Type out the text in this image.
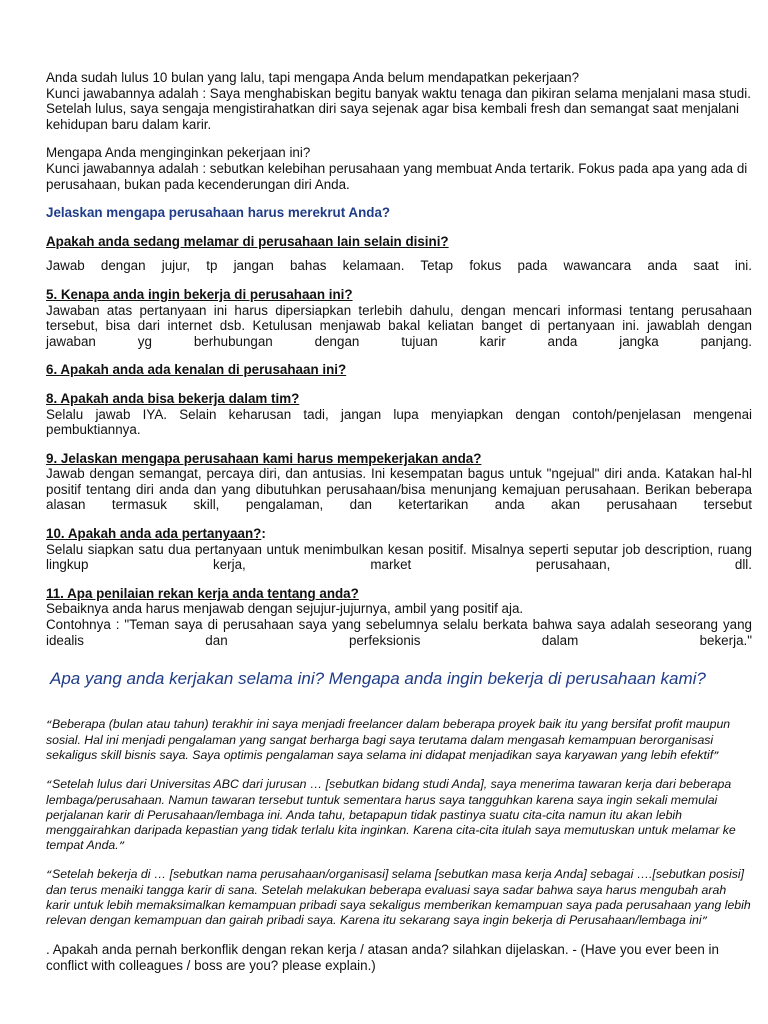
Anda sudah lulus 10 bulan yang lalu, tapi mengapa Anda belum mendapatkan pekerjaan?

Kunci jawabannya adalah : Saya menghabiskan begitu banyak waktu tenaga dan pikiran selama menjalani masa studi. Setelah lulus, saya sengaja mengistirahatkan diri saya sejenak agar bisa kembali fresh dan semangat saat menjalani kehidupan baru dalam karir.

Mengapa Anda menginginkan pekerjaan ini?

Kunci jawabannya adalah : sebutkan kelebihan perusahaan yang membuat Anda tertarik. Fokus pada apa yang ada di perusahaan, bukan pada kecenderungan diri Anda.

Jelaskan mengapa perusahaan harus merekrut Anda?

Apakah anda sedang melamar di perusahaan lain selain disini?

Jawab dengan jujur, tp jangan bahas kelamaan. Tetap fokus pada wawancara anda saat ini.

5. Kenapa anda ingin bekerja di perusahaan ini?

Jawaban atas pertanyaan ini harus dipersiapkan terlebih dahulu, dengan mencari informasi tentang perusahaan tersebut, bisa dari internet dsb. Ketulusan menjawab bakal keliatan banget di pertanyaan ini. jawablah dengan jawaban yg berhubungan dengan tujuan karir anda jangka panjang.

6. Apakah anda ada kenalan di perusahaan ini?

8. Apakah anda bisa bekerja dalam tim?

Selalu jawab IYA. Selain keharusan tadi, jangan lupa menyiapkan dengan contoh/penjelasan mengenai pembuktiannya.

9. Jelaskan mengapa perusahaan kami harus mempekerjakan anda?

Jawab dengan semangat, percaya diri, dan antusias. Ini kesempatan bagus untuk "ngejual" diri anda. Katakan hal-hl positif tentang diri anda dan yang dibutuhkan perusahaan/bisa menunjang kemajuan perusahaan. Berikan beberapa alasan termasuk skill, pengalaman, dan ketertarikan anda akan perusahaan tersebut

10. Apakah anda ada pertanyaan?:

Selalu siapkan satu dua pertanyaan untuk menimbulkan kesan positif. Misalnya seperti seputar job description, ruang lingkup kerja, market perusahaan, dll.

11. Apa penilaian rekan kerja anda tentang anda?

Sebaiknya anda harus menjawab dengan sejujur-jujurnya, ambil yang positif aja.

Contohnya : "Teman saya di perusahaan saya yang sebelumnya selalu berkata bahwa saya adalah seseorang yang idealis dan perfeksionis dalam bekerja."

Apa yang anda kerjakan selama ini? Mengapa anda ingin bekerja di perusahaan kami?

“Beberapa (bulan atau tahun) terakhir ini saya menjadi freelancer dalam beberapa proyek baik itu yang bersifat profit maupun sosial. Hal ini menjadi pengalaman yang sangat berharga bagi saya terutama dalam mengasah kemampuan berorganisasi sekaligus skill bisnis saya. Saya optimis pengalaman saya selama ini didapat menjadikan saya karyawan yang lebih efektif”

“Setelah lulus dari Universitas ABC dari jurusan … [sebutkan bidang studi Anda], saya menerima tawaran kerja dari beberapa lembaga/perusahaan. Namun tawaran tersebut tuntuk sementara harus saya tangguhkan karena saya ingin sekali memulai perjalanan karir di Perusahaan/lembaga ini. Anda tahu, betapapun tidak pastinya suatu cita-cita namun itu akan lebih menggairahkan daripada kepastian yang tidak terlalu kita inginkan. Karena cita-cita itulah saya memutuskan untuk melamar ke tempat Anda.”

“Setelah bekerja di … [sebutkan nama perusahaan/organisasi] selama [sebutkan masa kerja Anda] sebagai ….[sebutkan posisi] dan terus menaiki tangga karir di sana. Setelah melakukan beberapa evaluasi saya sadar bahwa saya harus mengubah arah karir untuk lebih memaksimalkan kemampuan pribadi saya sekaligus memberikan kemampuan saya pada perusahaan yang lebih relevan dengan kemampuan dan gairah pribadi saya. Karena itu sekarang saya ingin bekerja di Perusahaan/lembaga ini”

. Apakah anda pernah berkonflik dengan rekan kerja / atasan anda? silahkan dijelaskan. - (Have you ever been in conflict with colleagues / boss are you? please explain.)
